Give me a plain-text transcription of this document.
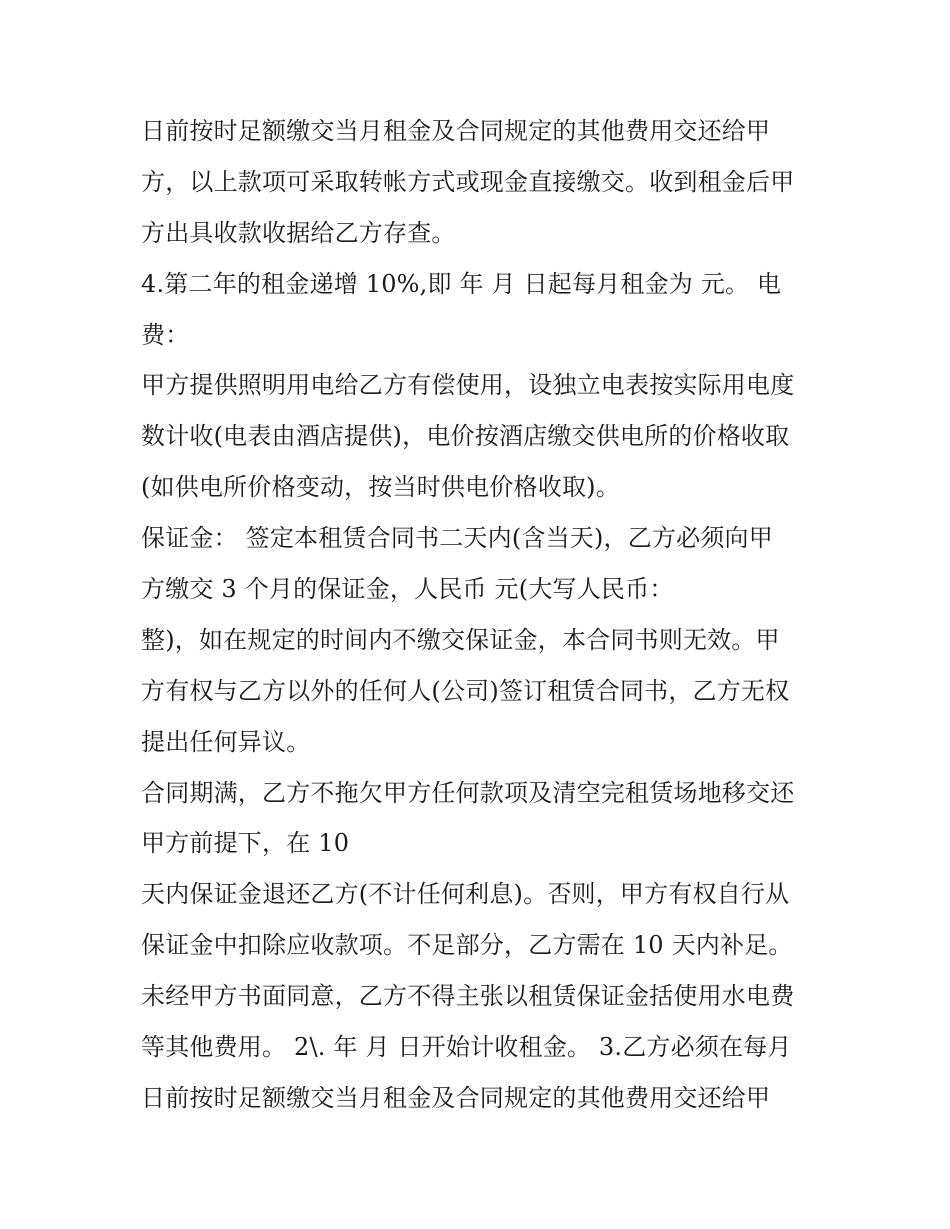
日前按时足额缴交当月租金及合同规定的其他费用交还给甲
方，以上款项可采取转帐方式或现金直接缴交。收到租金后甲
方出具收款收据给乙方存查。
4.第二年的租金递增 10%,即 年 月 日起每月租金为 元。 电
费：
甲方提供照明用电给乙方有偿使用，设独立电表按实际用电度
数计收(电表由酒店提供)，电价按酒店缴交供电所的价格收取
(如供电所价格变动，按当时供电价格收取)。
保证金： 签定本租赁合同书二天内(含当天)，乙方必须向甲
方缴交 3 个月的保证金，人民币 元(大写人民币：
整)，如在规定的时间内不缴交保证金，本合同书则无效。甲
方有权与乙方以外的任何人(公司)签订租赁合同书，乙方无权
提出任何异议。
合同期满，乙方不拖欠甲方任何款项及清空完租赁场地移交还
甲方前提下，在 10
天内保证金退还乙方(不计任何利息)。否则，甲方有权自行从
保证金中扣除应收款项。不足部分，乙方需在 10 天内补足。
未经甲方书面同意，乙方不得主张以租赁保证金括使用水电费
等其他费用。 2\. 年 月 日开始计收租金。 3.乙方必须在每月
日前按时足额缴交当月租金及合同规定的其他费用交还给甲
